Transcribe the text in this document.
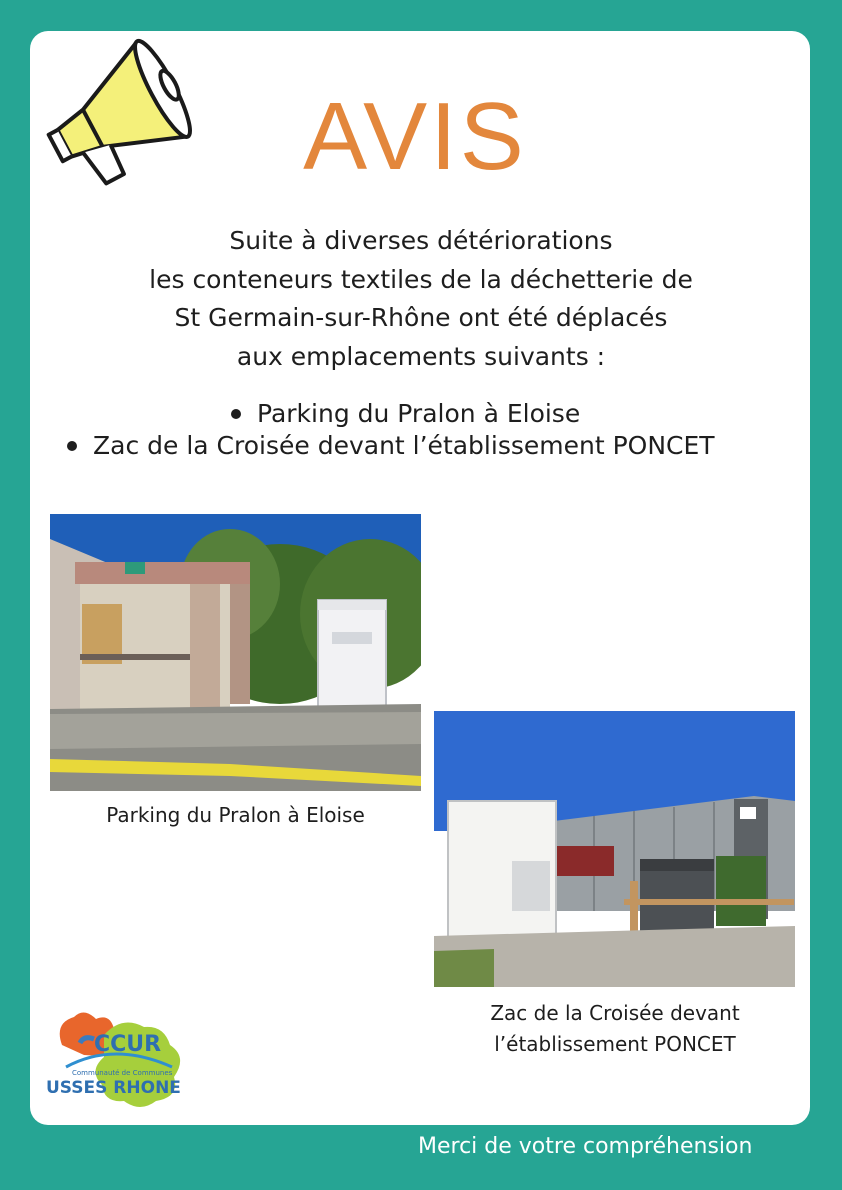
AVIS
Suite à diverses détériorations
les conteneurs textiles de la déchetterie de
St Germain-sur-Rhône ont été déplacés
aux emplacements suivants :
Parking du Pralon à Eloise
Zac de la Croisée devant l’établissement PONCET
Parking du Pralon à Eloise
Zac de la Croisée devant
l’établissement PONCET
CCUR
Communauté de Communes
USSES RHONE
Merci de votre compréhension
